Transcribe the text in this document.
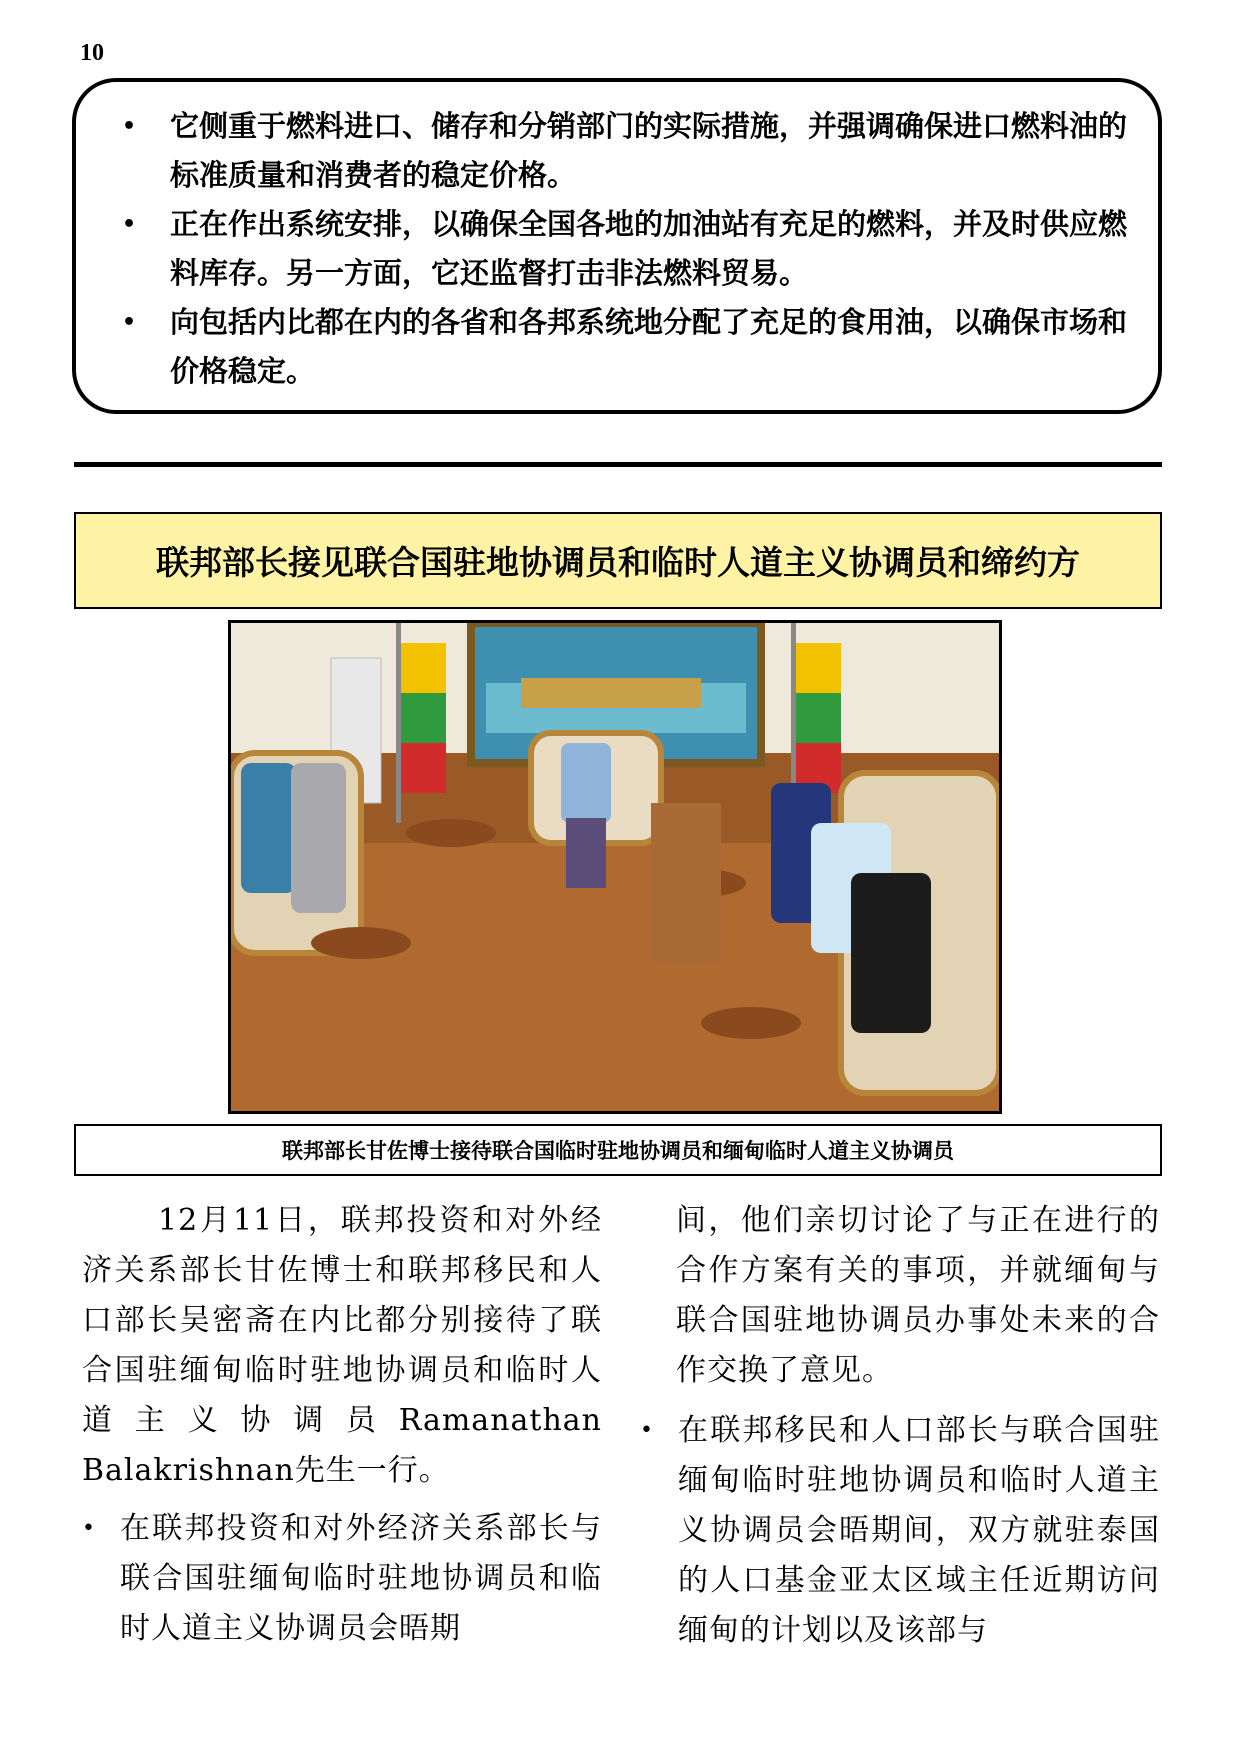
10
• 它侧重于燃料进口、储存和分销部门的实际措施，并强调确保进口燃料油的标准质量和消费者的稳定价格。
• 正在作出系统安排，以确保全国各地的加油站有充足的燃料，并及时供应燃料库存。另一方面，它还监督打击非法燃料贸易。
• 向包括内比都在内的各省和各邦系统地分配了充足的食用油，以确保市场和价格稳定。
联邦部长接见联合国驻地协调员和临时人道主义协调员和缔约方
联邦部长甘佐博士接待联合国临时驻地协调员和缅甸临时人道主义协调员

12月11日，联邦投资和对外经济关系部长甘佐博士和联邦移民和人口部长吴密斋在内比都分别接待了联合国驻缅甸临时驻地协调员和临时人道主义协调员Ramanathan Balakrishnan先生一行。

• 在联邦投资和对外经济关系部长与联合国驻缅甸临时驻地协调员和临时人道主义协调员会晤期

间，他们亲切讨论了与正在进行的合作方案有关的事项，并就缅甸与联合国驻地协调员办事处未来的合作交换了意见。

• 在联邦移民和人口部长与联合国驻缅甸临时驻地协调员和临时人道主义协调员会晤期间，双方就驻泰国的人口基金亚太区域主任近期访问缅甸的计划以及该部与
